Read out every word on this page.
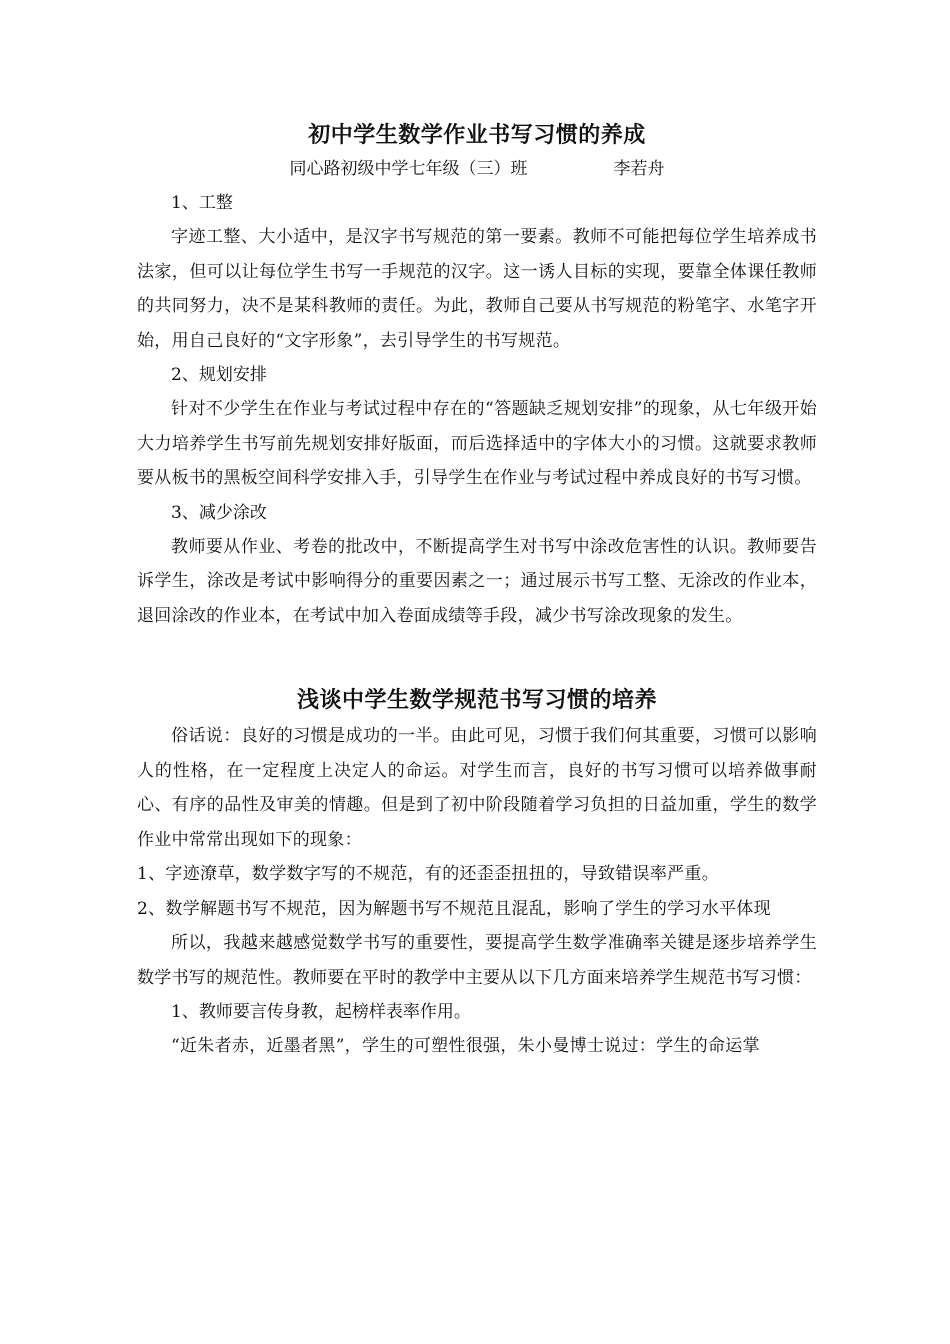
初中学生数学作业书写习惯的养成

同心路初级中学七年级（三）班	李若舟

1、工整

字迹工整、大小适中，是汉字书写规范的第一要素。教师不可能把每位学生培养成书法家，但可以让每位学生书写一手规范的汉字。这一诱人目标的实现，要靠全体课任教师的共同努力，决不是某科教师的责任。为此，教师自己要从书写规范的粉笔字、水笔字开始，用自己良好的“文字形象”，去引导学生的书写规范。

2、规划安排

针对不少学生在作业与考试过程中存在的“答题缺乏规划安排”的现象，从七年级开始大力培养学生书写前先规划安排好版面，而后选择适中的字体大小的习惯。这就要求教师要从板书的黑板空间科学安排入手，引导学生在作业与考试过程中养成良好的书写习惯。

3、减少涂改

教师要从作业、考卷的批改中，不断提高学生对书写中涂改危害性的认识。教师要告诉学生，涂改是考试中影响得分的重要因素之一；通过展示书写工整、无涂改的作业本，退回涂改的作业本，在考试中加入卷面成绩等手段，减少书写涂改现象的发生。

浅谈中学生数学规范书写习惯的培养

俗话说：良好的习惯是成功的一半。由此可见，习惯于我们何其重要，习惯可以影响人的性格，在一定程度上决定人的命运。对学生而言，良好的书写习惯可以培养做事耐心、有序的品性及审美的情趣。但是到了初中阶段随着学习负担的日益加重，学生的数学作业中常常出现如下的现象：

1、字迹潦草，数学数字写的不规范，有的还歪歪扭扭的，导致错误率严重。

2、数学解题书写不规范，因为解题书写不规范且混乱，影响了学生的学习水平体现

所以，我越来越感觉数学书写的重要性，要提高学生数学准确率关键是逐步培养学生数学书写的规范性。教师要在平时的教学中主要从以下几方面来培养学生规范书写习惯：

1、教师要言传身教，起榜样表率作用。

“近朱者赤，近墨者黑”，学生的可塑性很强，朱小曼博士说过：学生的命运掌
